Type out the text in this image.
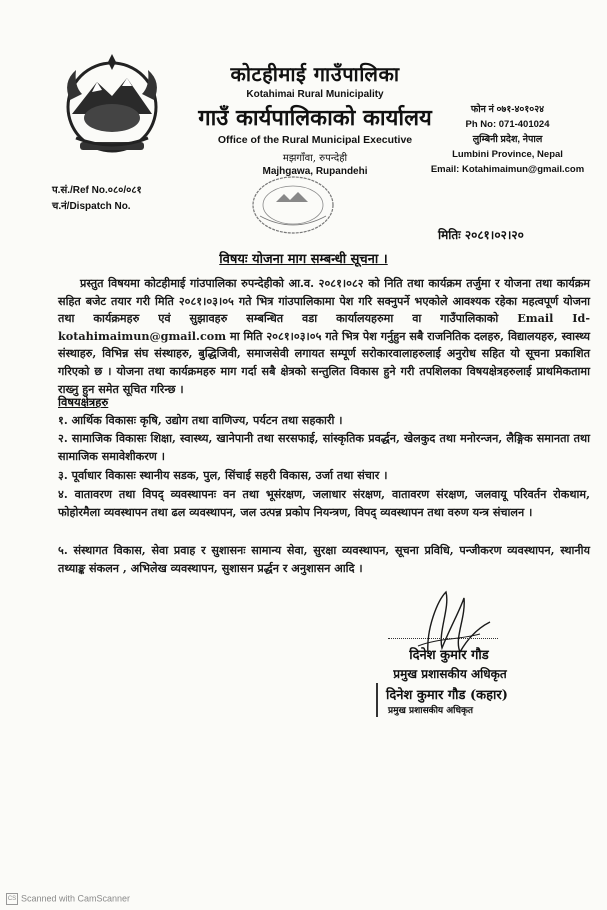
कोटहीमाई गाउँपालिका
Kotahimai Rural Municipality
गाउँ कार्यपालिकाको कार्यालय
Office of the Rural Municipal Executive
मझगाँवा, रुपन्देही
Majhgawa, Rupandehi
फोन नं ०७१-४०१०२४
Ph No: 071-401024
लुम्बिनी प्रदेश, नेपाल
Lumbini Province, Nepal
Email: Kotahimaimun@gmail.com
प.सं./Ref No.०८०/०८१
च.नं/Dispatch No.
मितिः २०८१।०२।२०
विषयः योजना माग सम्बन्धी सूचना ।
प्रस्तुत विषयमा कोटहीमाई गांउपालिका रुपन्देहीको आ.व. २०८१।०८२ को निति तथा कार्यक्रम तर्जुमा र योजना तथा कार्यक्रम सहित बजेट तयार गरी मिति २०८१।०३।०५ गते भित्र गांउपालिकामा पेश गरि सक्नुपर्ने भएकोले आवश्यक रहेका महत्वपूर्ण योजना तथा कार्यक्रमहरु एवं सुझावहरु सम्बन्धित वडा कार्यालयहरुमा वा गाउँपालिकाको Email Id-kotahimaimun@gmail.com मा मिति २०८१।०३।०५ गते भित्र पेश गर्नुहुन सबै राजनितिक दलहरु, विद्यालयहरु, स्वास्थ्य संस्थाहरु, विभिन्न संघ संस्थाहरु, बुद्धिजिवी, समाजसेवी लगायत सम्पूर्ण सरोकारवालाहरुलाई अनुरोध सहित यो सूचना प्रकाशित गरिएको छ । योजना तथा कार्यक्रमहरु माग गर्दा सबै क्षेत्रको सन्तुलित विकास हुने गरी तपशिलका विषयक्षेत्रहरुलाई प्राथमिकतामा राख्नु हुन समेत सूचित गरिन्छ ।
विषयक्षेत्रहरु
१. आर्थिक विकासः कृषि, उद्योग तथा वाणिज्य, पर्यटन तथा सहकारी ।
२. सामाजिक विकासः शिक्षा, स्वास्थ्य, खानेपानी तथा सरसफाई, सांस्कृतिक प्रवर्द्धन, खेलकुद तथा मनोरन्जन, लैङ्गिक समानता तथा सामाजिक समावेशीकरण ।
३. पूर्वाधार विकासः स्थानीय सडक, पुल, सिंचाई सहरी विकास, उर्जा तथा संचार ।
४. वातावरण तथा विपद् व्यवस्थापनः वन तथा भूसंरक्षण, जलाधार संरक्षण, वातावरण संरक्षण, जलवायू परिवर्तन रोकथाम, फोहोरमैला व्यवस्थापन तथा ढल व्यवस्थापन, जल उत्पन्न प्रकोप नियन्त्रण, विपद् व्यवस्थापन तथा वरुण यन्त्र संचालन ।
५. संस्थागत विकास, सेवा प्रवाह र सुशासनः सामान्य सेवा, सुरक्षा व्यवस्थापन, सूचना प्रविधि, पन्जीकरण व्यवस्थापन, स्थानीय तथ्याङ्क संकलन , अभिलेख व्यवस्थापन, सुशासन प्रर्द्धन र अनुशासन आदि ।
दिनेश कुमार गौड
प्रमुख प्रशासकीय अधिकृत
दिनेश कुमार गौड (कहार)
प्रमुख प्रशासकीय अधिकृत
CS Scanned with CamScanner
